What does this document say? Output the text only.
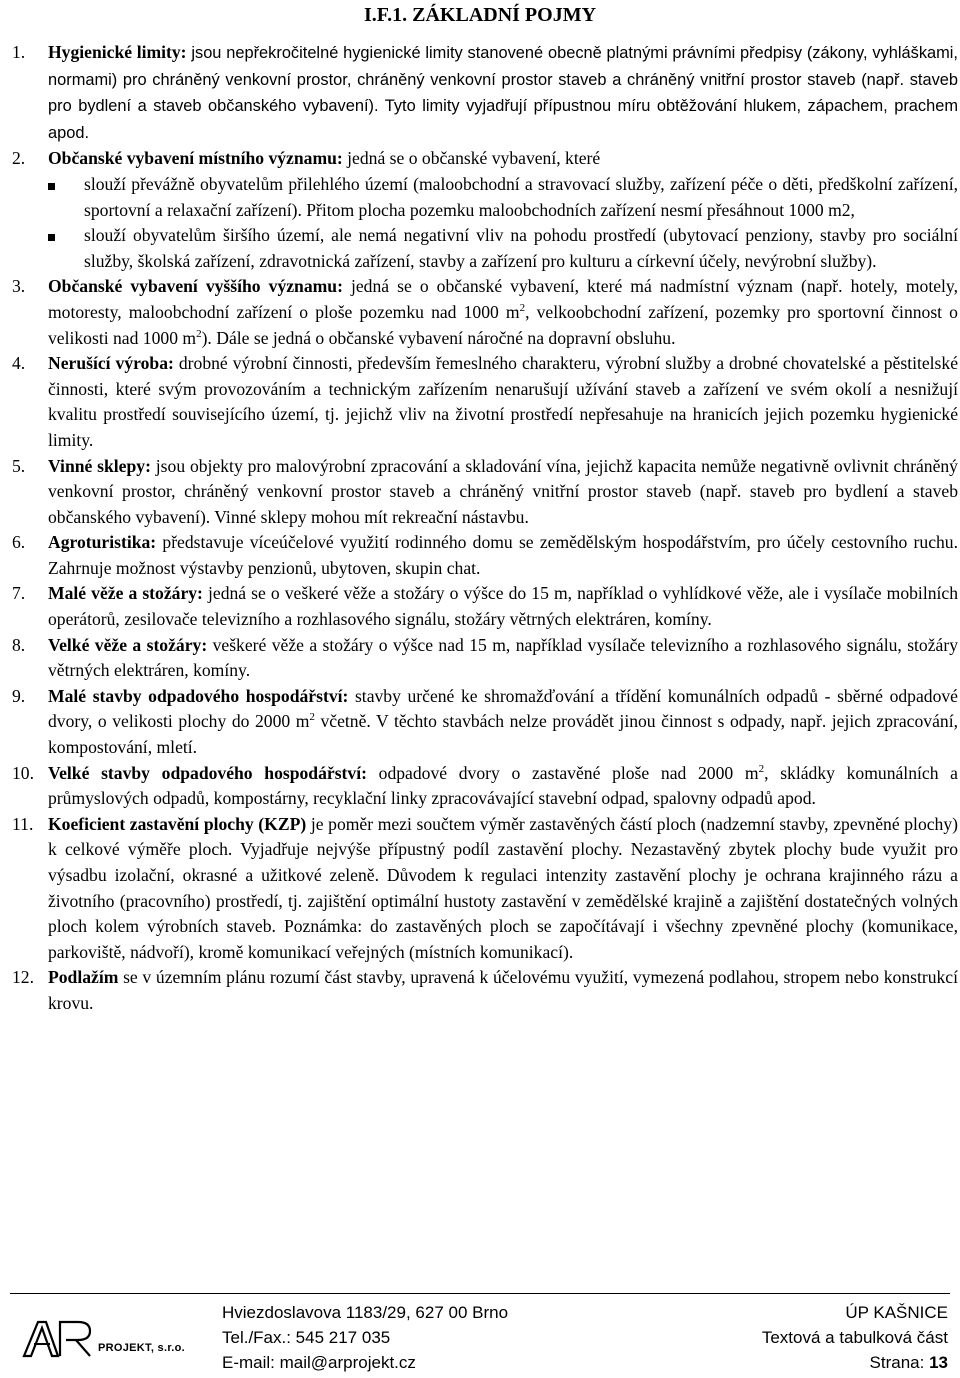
I.F.1. ZÁKLADNÍ POJMY
1.	Hygienické limity: jsou nepřekročitelné hygienické limity stanovené obecně platnými právními předpisy (zákony, vyhláškami, normami) pro chráněný venkovní prostor, chráněný venkovní prostor staveb a chráněný vnitřní prostor staveb (např. staveb pro bydlení a staveb občanského vybavení). Tyto limity vyjadřují přípustnou míru obtěžování hlukem, zápachem, prachem apod.
2.	Občanské vybavení místního významu: jedná se o občanské vybavení, které
slouží převážně obyvatelům přilehlého území (maloobchodní a stravovací služby, zařízení péče o děti, předškolní zařízení, sportovní a relaxační zařízení). Přitom plocha pozemku maloobchodních zařízení nesmí přesáhnout 1000 m2,
slouží obyvatelům širšího území, ale nemá negativní vliv na pohodu prostředí (ubytovací penziony, stavby pro sociální služby, školská zařízení, zdravotnická zařízení, stavby a zařízení pro kulturu a církevní účely, nevýrobní služby).
3.	Občanské vybavení vyššího významu: jedná se o občanské vybavení, které má nadmístní význam (např. hotely, motely, motoresty, maloobchodní zařízení o ploše pozemku nad 1000 $m^2$, velkoobchodní zařízení, pozemky pro sportovní činnost o velikosti nad 1000 $m^2$). Dále se jedná o občanské vybavení náročné na dopravní obsluhu.
4.	Nerušící výroba: drobné výrobní činnosti, především řemeslného charakteru, výrobní služby a drobné chovatelské a pěstitelské činnosti, které svým provozováním a technickým zařízením nenarušují užívání staveb a zařízení ve svém okolí a nesnižují kvalitu prostředí souvisejícího území, tj. jejichž vliv na životní prostředí nepřesahuje na hranicích jejich pozemku hygienické limity.
5.	Vinné sklepy: jsou objekty pro malovýrobní zpracování a skladování vína, jejichž kapacita nemůže negativně ovlivnit chráněný venkovní prostor, chráněný venkovní prostor staveb a chráněný vnitřní prostor staveb (např. staveb pro bydlení a staveb občanského vybavení). Vinné sklepy mohou mít rekreační nástavbu.
6.	Agroturistika: představuje víceúčelové využití rodinného domu se zemědělským hospodářstvím, pro účely cestovního ruchu. Zahrnuje možnost výstavby penzionů, ubytoven, skupin chat.
7.	Malé věže a stožáry: jedná se o veškeré věže a stožáry o výšce do 15 m, například o vyhlídkové věže, ale i vysílače mobilních operátorů, zesilovače televizního a rozhlasového signálu, stožáry větrných elektráren, komíny.
8.	Velké věže a stožáry: veškeré věže a stožáry o výšce nad 15 m, například vysílače televizního a rozhlasového signálu, stožáry větrných elektráren, komíny.
9.	Malé stavby odpadového hospodářství: stavby určené ke shromažďování a třídění komunálních odpadů - sběrné odpadové dvory, o velikosti plochy do 2000 $m^2$ včetně. V těchto stavbách nelze provádět jinou činnost s odpady, např. jejich zpracování, kompostování, mletí.
10. Velké stavby odpadového hospodářství: odpadové dvory o zastavěné ploše nad 2000 $m^2$, skládky komunálních a průmyslových odpadů, kompostárny, recyklační linky zpracovávající stavební odpad, spalovny odpadů apod.
11. Koeficient zastavění plochy (KZP) je poměr mezi součtem výměr zastavěných částí ploch (nadzemní stavby, zpevněné plochy) k celkové výměře ploch. Vyjadřuje nejvýše přípustný podíl zastavění plochy. Nezastavěný zbytek plochy bude využit pro výsadbu izolační, okrasné a užitkové zeleně. Důvodem k regulaci intenzity zastavění plochy je ochrana krajinného rázu a životního (pracovního) prostředí, tj. zajištění optimální hustoty zastavění v zemědělské krajině a zajištění dostatečných volných ploch kolem výrobních staveb. Poznámka: do zastavěných ploch se započítávají i všechny zpevněné plochy (komunikace, parkoviště, nádvoří), kromě komunikací veřejných (místních komunikací).
12. Podlažím se v územním plánu rozumí část stavby, upravená k účelovému využití, vymezená podlahou, stropem nebo konstrukcí krovu.
PROJEKT, s.r.o.
Hviezdoslavova 1183/29, 627 00 Brno
Tel./Fax.: 545 217 035
E-mail: mail@arprojekt.cz
ÚP KAŠNICE
Textová a tabulková část
Strana: 13
